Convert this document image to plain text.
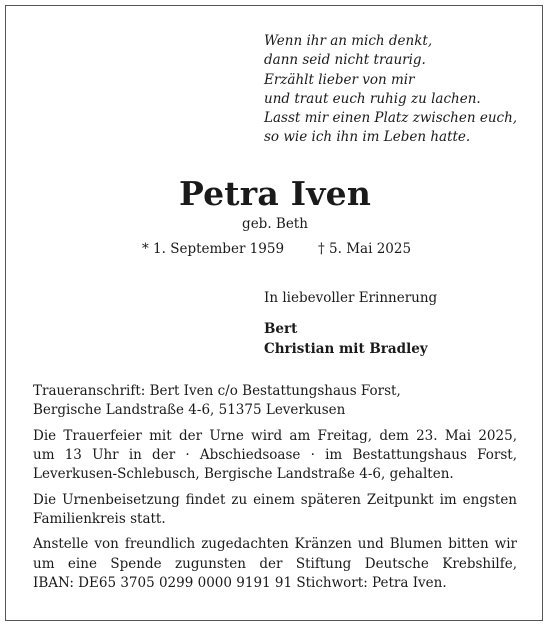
Wenn ihr an mich denkt,
dann seid nicht traurig.
Erzählt lieber von mir
und traut euch ruhig zu lachen.
Lasst mir einen Platz zwischen euch,
so wie ich ihn im Leben hatte.
Petra Iven
geb. Beth
* 1. September 1959	† 5. Mai 2025
In liebevoller Erinnerung
Bert
Christian mit Bradley

Traueranschrift: Bert Iven c/o Bestattungshaus Forst,
Bergische Landstraße 4-6, 51375 Leverkusen

Die Trauerfeier mit der Urne wird am Freitag, dem 23. Mai 2025,
um 13 Uhr in der · Abschiedsoase · im Bestattungshaus Forst,
Leverkusen-Schlebusch, Bergische Landstraße 4-6, gehalten.

Die Urnenbeisetzung findet zu einem späteren Zeitpunkt im engsten
Familienkreis statt.

Anstelle von freundlich zugedachten Kränzen und Blumen bitten wir
um eine Spende zugunsten der Stiftung Deutsche Krebshilfe,
IBAN: DE65 3705 0299 0000 9191 91 Stichwort: Petra Iven.
